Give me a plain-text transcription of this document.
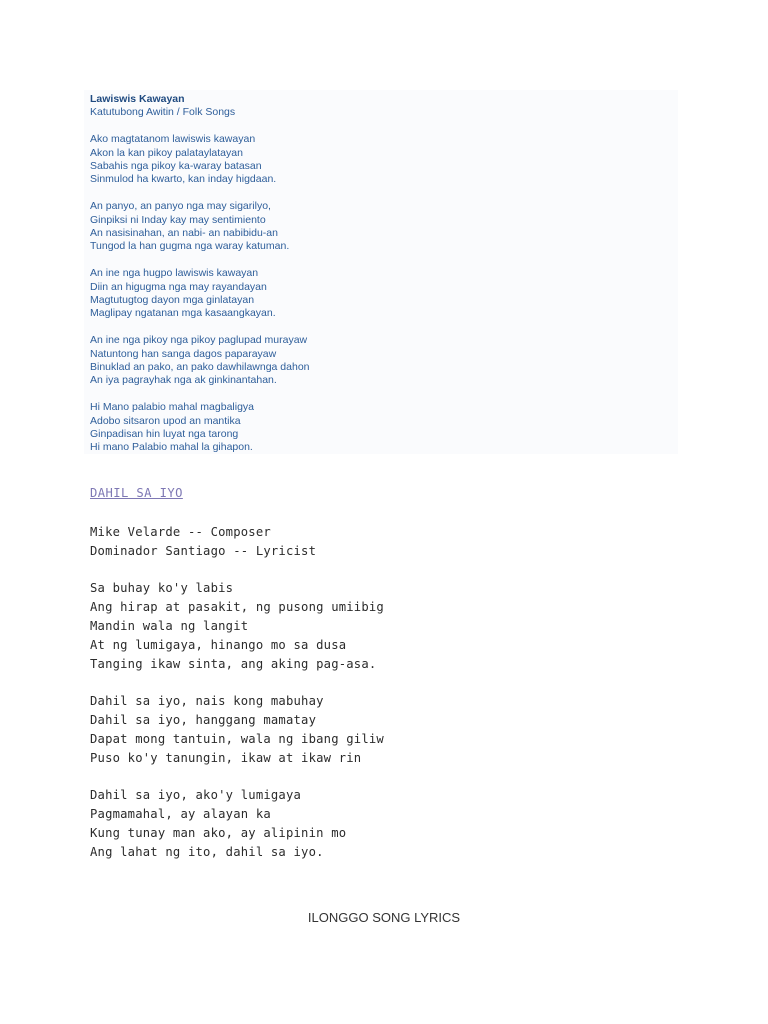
Lawiswis Kawayan
Katutubong Awitin / Folk Songs
Ako magtatanom lawiswis kawayan
Akon la kan pikoy palataylatayan
Sabahis nga pikoy ka-waray batasan
Sinmulod ha kwarto, kan inday higdaan.
An panyo, an panyo nga may sigarilyo,
Ginpiksi ni Inday kay may sentimiento
An nasisinahan, an nabi- an nabibidu-an
Tungod la han gugma nga waray katuman.
An ine nga hugpo lawiswis kawayan
Diin an higugma nga may rayandayan
Magtutugtog dayon mga ginlatayan
Maglipay ngatanan mga kasaangkayan.
An ine nga pikoy nga pikoy paglupad murayaw
Natuntong han sanga dagos paparayaw
Binuklad an pako, an pako dawhilawnga dahon
An iya pagrayhak nga ak ginkinantahan.
Hi Mano palabio mahal magbaligya
Adobo sitsaron upod an mantika
Ginpadisan hin luyat nga tarong
Hi mano Palabio mahal la gihapon.
DAHIL SA IYO
Mike Velarde -- Composer
Dominador Santiago -- Lyricist
Sa buhay ko'y labis
Ang hirap at pasakit, ng pusong umiibig
Mandin wala ng langit
At ng lumigaya, hinango mo sa dusa
Tanging ikaw sinta, ang aking pag-asa.
Dahil sa iyo, nais kong mabuhay
Dahil sa iyo, hanggang mamatay
Dapat mong tantuin, wala ng ibang giliw
Puso ko'y tanungin, ikaw at ikaw rin
Dahil sa iyo, ako'y lumigaya
Pagmamahal, ay alayan ka
Kung tunay man ako, ay alipinin mo
Ang lahat ng ito, dahil sa iyo.
ILONGGO SONG LYRICS
